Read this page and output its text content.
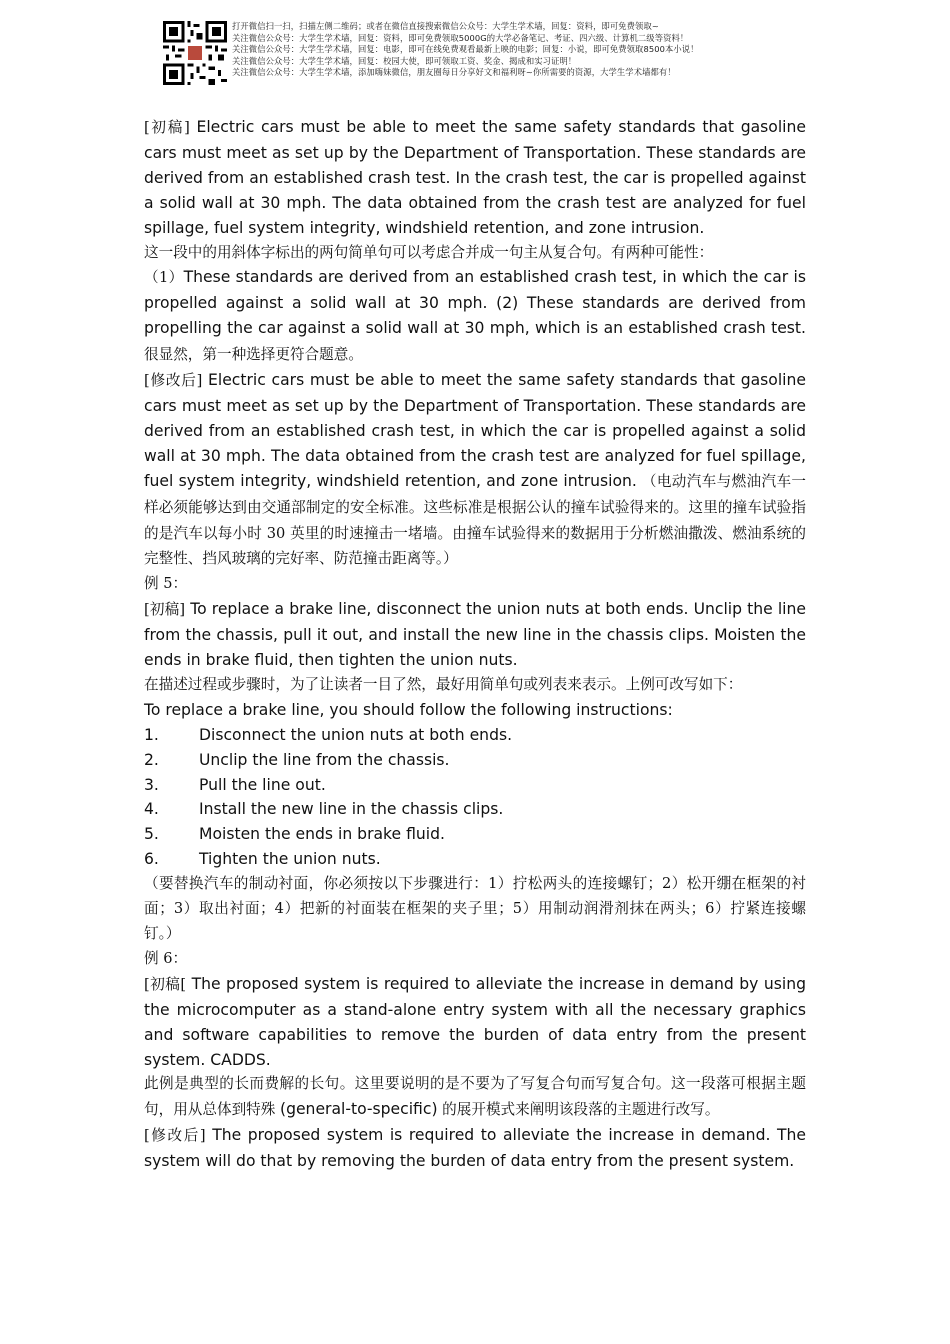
打开微信扫一扫，扫描左侧二维码；或者在微信直接搜索微信公众号：大学生学术墙，回复：资料，即可免费领取~
关注微信公众号：大学生学术墙，回复：资料，即可免费领取5000G的大学必备笔记、考证、四六级、计算机二级等资料！
关注微信公众号：大学生学术墙，回复：电影，即可在线免费观看最新上映的电影；回复：小说，即可免费领取8500本小说！
关注微信公众号：大学生学术墙，回复：校园大使，即可领取工资、奖金、揭成和实习证明！
关注微信公众号：大学生学术墙，添加嗨妹微信，朋友圈每日分享好文和福利呀~你所需要的资源，大学生学术墙都有！

[初稿] Electric cars must be able to meet the same safety standards that gasoline cars must meet as set up by the Department of Transportation. These standards are derived from an established crash test. In the crash test, the car is propelled against a solid wall at 30 mph. The data obtained from the crash test are analyzed for fuel spillage, fuel system integrity, windshield retention, and zone intrusion.

这一段中的用斜体字标出的两句简单句可以考虑合并成一句主从复合句。有两种可能性：

（1）These standards are derived from an established crash test, in which the car is propelled against a solid wall at 30 mph. (2) These standards are derived from propelling the car against a solid wall at 30 mph, which is an established crash test. 很显然，第一种选择更符合题意。

[修改后] Electric cars must be able to meet the same safety standards that gasoline cars must meet as set up by the Department of Transportation. These standards are derived from an established crash test, in which the car is propelled against a solid wall at 30 mph. The data obtained from the crash test are analyzed for fuel spillage, fuel system integrity, windshield retention, and zone intrusion. （电动汽车与燃油汽车一样必须能够达到由交通部制定的安全标准。这些标准是根据公认的撞车试验得来的。这里的撞车试验指的是汽车以每小时 30 英里的时速撞击一堵墙。由撞车试验得来的数据用于分析燃油撒泼、燃油系统的完整性、挡风玻璃的完好率、防范撞击距离等。）

例 5：

[初稿] To replace a brake line, disconnect the union nuts at both ends. Unclip the line from the chassis, pull it out, and install the new line in the chassis clips. Moisten the ends in brake fluid, then tighten the union nuts.

在描述过程或步骤时，为了让读者一目了然，最好用简单句或列表来表示。上例可改写如下：

To replace a brake line, you should follow the following instructions:

1.	Disconnect the union nuts at both ends.
2.	Unclip the line from the chassis.
3.	Pull the line out.
4.	Install the new line in the chassis clips.
5.	Moisten the ends in brake fluid.
6.	Tighten the union nuts.

（要替换汽车的制动衬面，你必须按以下步骤进行：1）拧松两头的连接螺钉；2）松开绷在框架的衬面；3）取出衬面；4）把新的衬面装在框架的夹子里；5）用制动润滑剂抹在两头；6）拧紧连接螺钉。）

例 6：

[初稿[ The proposed system is required to alleviate the increase in demand by using the microcomputer as a stand-alone entry system with all the necessary graphics and software capabilities to remove the burden of data entry from the present system. CADDS.

此例是典型的长而费解的长句。这里要说明的是不要为了写复合句而写复合句。这一段落可根据主题句，用从总体到特殊 (general-to-specific) 的展开模式来阐明该段落的主题进行改写。

[修改后] The proposed system is required to alleviate the increase in demand. The system will do that by removing the burden of data entry from the present system.
